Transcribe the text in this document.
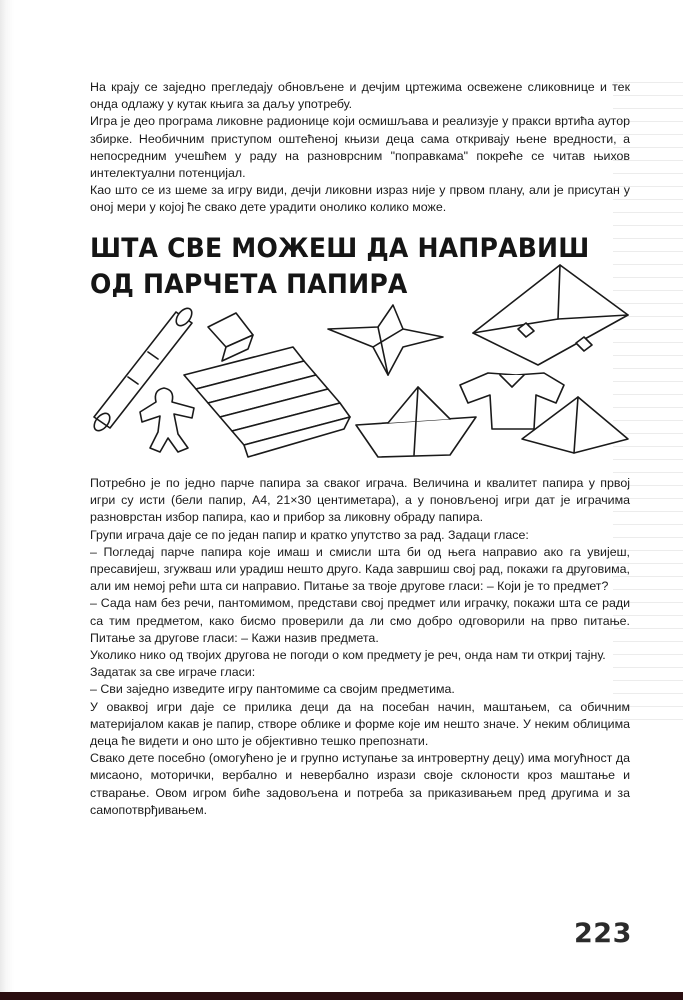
На крају се заједно прегледају обновљене и дечјим цртежима освежене сликовнице и тек онда одлажу у кутак књига за даљу употребу.

Игра је део програма ликовне радионице који осмишљава и реализује у пракси вртића аутор збирке. Необичним приступом оштећеној књизи деца сама откривају њене вредности, а непосредним учешћем у раду на разноврсним "поправкама" покреће се читав њихов интелектуални потенцијал.

Као што се из шеме за игру види, дечји ликовни израз није у првом плану, али је присутан у оној мери у којој ће свако дете урадити онолико колико може.

ШТА СВЕ МОЖЕШ ДА НАПРАВИШ
ОД ПАРЧЕТА ПАПИРА

Потребно је по једно парче папира за сваког играча. Величина и квалитет папира у првој игри су исти (бели папир, А4, 21×30 центиметара), а у поновљеној игри дат је играчима разноврстан избор папира, као и прибор за ликовну обраду папира.

Групи играча даје се по један папир и кратко упутство за рад. Задаци гласе:

– Погледај парче папира које имаш и смисли шта би од њега направио ако га увијеш, пресавијеш, згужваш или урадиш нешто друго. Када завршиш свој рад, покажи га друговима, али им немој рећи шта си направио. Питање за твоје другове гласи: – Који је то предмет?

– Сада нам без речи, пантомимом, представи свој предмет или играчку, покажи шта се ради са тим предметом, како бисмо проверили да ли смо добро одговорили на прво питање. Питање за другове гласи: – Кажи назив предмета.

Уколико нико од твојих другова не погоди о ком предмету је реч, онда нам ти откриј тајну.

Задатак за све играче гласи:

– Сви заједно изведите игру пантомиме са својим предметима.

У оваквој игри даје се прилика деци да на посебан начин, маштањем, са обичним материјалом какав је папир, створе облике и форме које им нешто значе. У неким облицима деца ће видети и оно што је објективно тешко препознати.

Свако дете посебно (омогућено је и групно иступање за интровертну децу) има могућност да мисаоно, моторички, вербално и невербално изрази своје склоности кроз маштање и стварање. Овом игром биће задовољена и потреба за приказивањем пред другима и за самопотврђивањем.

223
